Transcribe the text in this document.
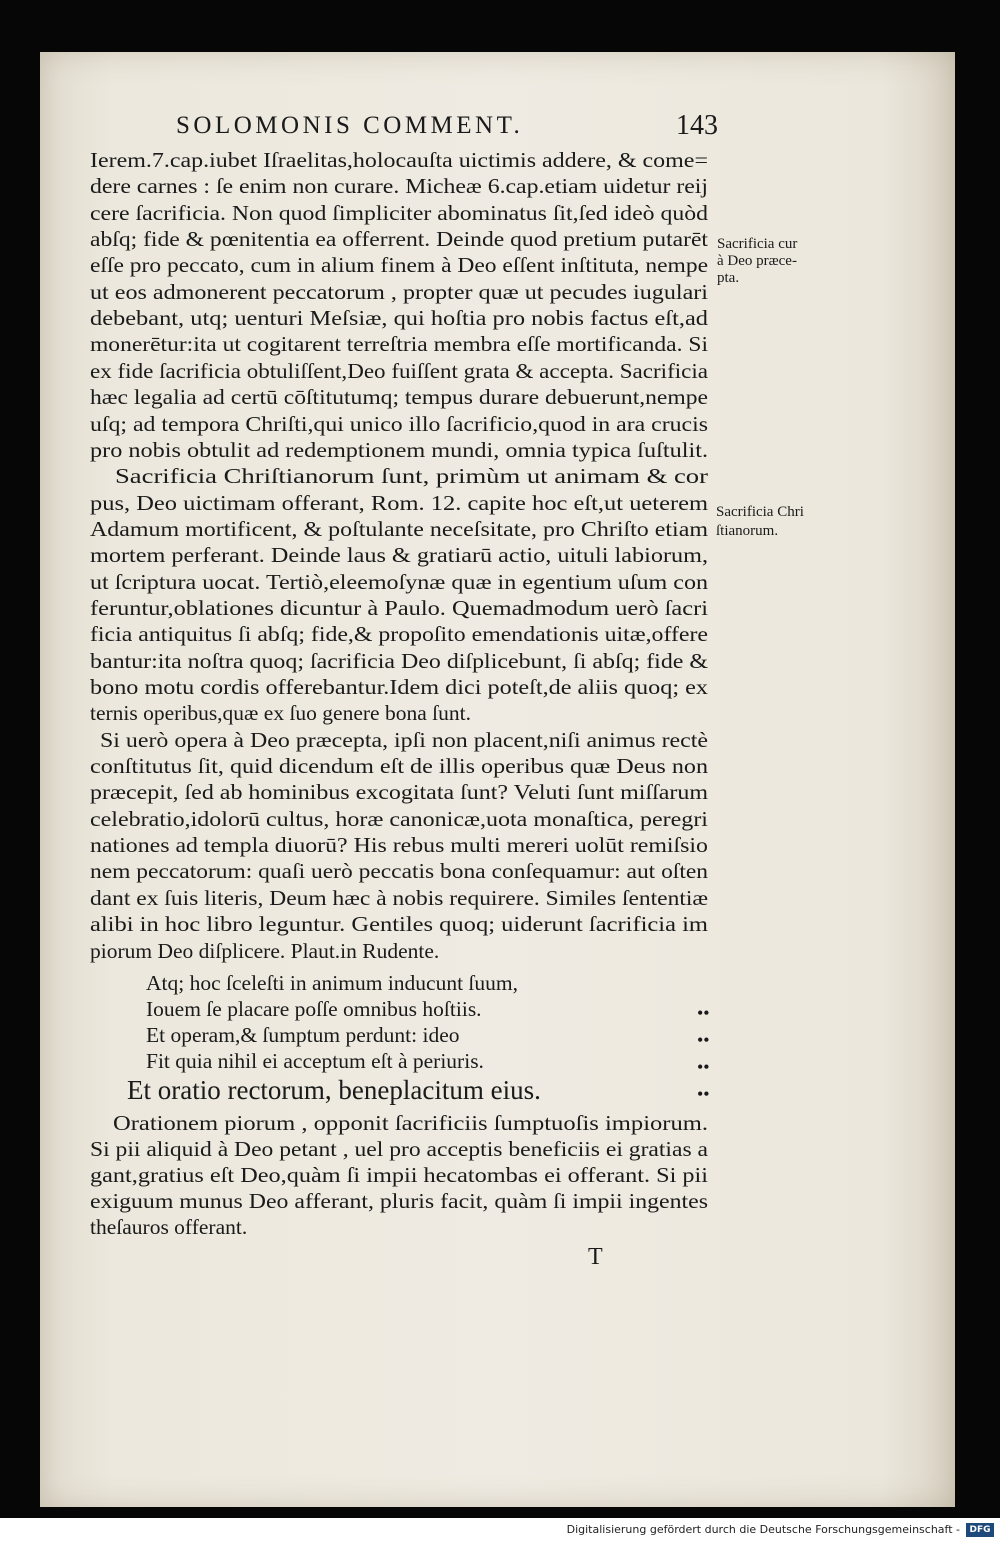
SOLOMONIS COMMENT.	143
Ierem.7.cap.iubet Iſraelitas,holocauſta uictimis addere, & come=
dere carnes : ſe enim non curare. Micheæ 6.cap.etiam uidetur reij
cere ſacrificia. Non quod ſimpliciter abominatus ſit,ſed ideò quòd
abſq; fide & pœnitentia ea offerrent. Deinde quod pretium putarēt
eſſe pro peccato, cum in alium finem à Deo eſſent inſtituta, nempe
ut eos admonerent peccatorum , propter quæ ut pecudes iugulari
debebant, utq; uenturi Meſsiæ, qui hoſtia pro nobis factus eſt,ad
monerētur:ita ut cogitarent terreſtria membra eſſe mortificanda. Si
ex fide ſacrificia obtuliſſent,Deo fuiſſent grata & accepta. Sacrificia
hæc legalia ad certū cōſtitutumq; tempus durare debuerunt,nempe
uſq; ad tempora Chriſti,qui unico illo ſacrificio,quod in ara crucis
pro nobis obtulit ad redemptionem mundi, omnia typica ſuſtulit.
Sacrificia Chriſtianorum ſunt, primùm ut animam & cor
pus, Deo uictimam offerant, Rom. 12. capite hoc eſt,ut ueterem
Adamum mortificent, & poſtulante neceſsitate, pro Chriſto etiam
mortem perferant. Deinde laus & gratiarū actio, uituli labiorum,
ut ſcriptura uocat. Tertiò,eleemoſynæ quæ in egentium uſum con
feruntur,oblationes dicuntur à Paulo. Quemadmodum uerò ſacri
ficia antiquitus ſi abſq; fide,& propoſito emendationis uitæ,offere
bantur:ita noſtra quoq; ſacrificia Deo diſplicebunt, ſi abſq; fide &
bono motu cordis offerebantur.Idem dici poteſt,de aliis quoq; ex
ternis operibus,quæ ex ſuo genere bona ſunt.
Si uerò opera à Deo præcepta, ipſi non placent,niſi animus rectè
conſtitutus ſit, quid dicendum eſt de illis operibus quæ Deus non
præcepit, ſed ab hominibus excogitata ſunt? Veluti ſunt miſſarum
celebratio,idolorū cultus, horæ canonicæ,uota monaſtica, peregri
nationes ad templa diuorū? His rebus multi mereri uolūt remiſsio
nem peccatorum: quaſi uerò peccatis bona conſequamur: aut oſten
dant ex ſuis literis, Deum hæc à nobis requirere. Similes ſententiæ
alibi in hoc libro leguntur. Gentiles quoq; uiderunt ſacrificia im
piorum Deo diſplicere. Plaut.in Rudente.
Atq; hoc ſceleſti in animum inducunt ſuum,
Iouem ſe placare poſſe omnibus hoſtiis.
Et operam,& ſumptum perdunt: ideo
Fit quia nihil ei acceptum eſt à periuris.
Et oratio rectorum, beneplacitum eius.
Orationem piorum , opponit ſacrificiis ſumptuoſis impiorum.
Si pii aliquid à Deo petant , uel pro acceptis beneficiis ei gratias a
gant,gratius eſt Deo,quàm ſi impii hecatombas ei offerant. Si pii
exiguum munus Deo afferant, pluris facit, quàm ſi impii ingentes
theſauros offerant.
Sacrificia cur
à Deo præce-
pta.
Sacrificia Chri
ſtianorum.
••
••
••
••
T
Digitalisierung gefördert durch die Deutsche Forschungsgemeinschaft -	DFG
